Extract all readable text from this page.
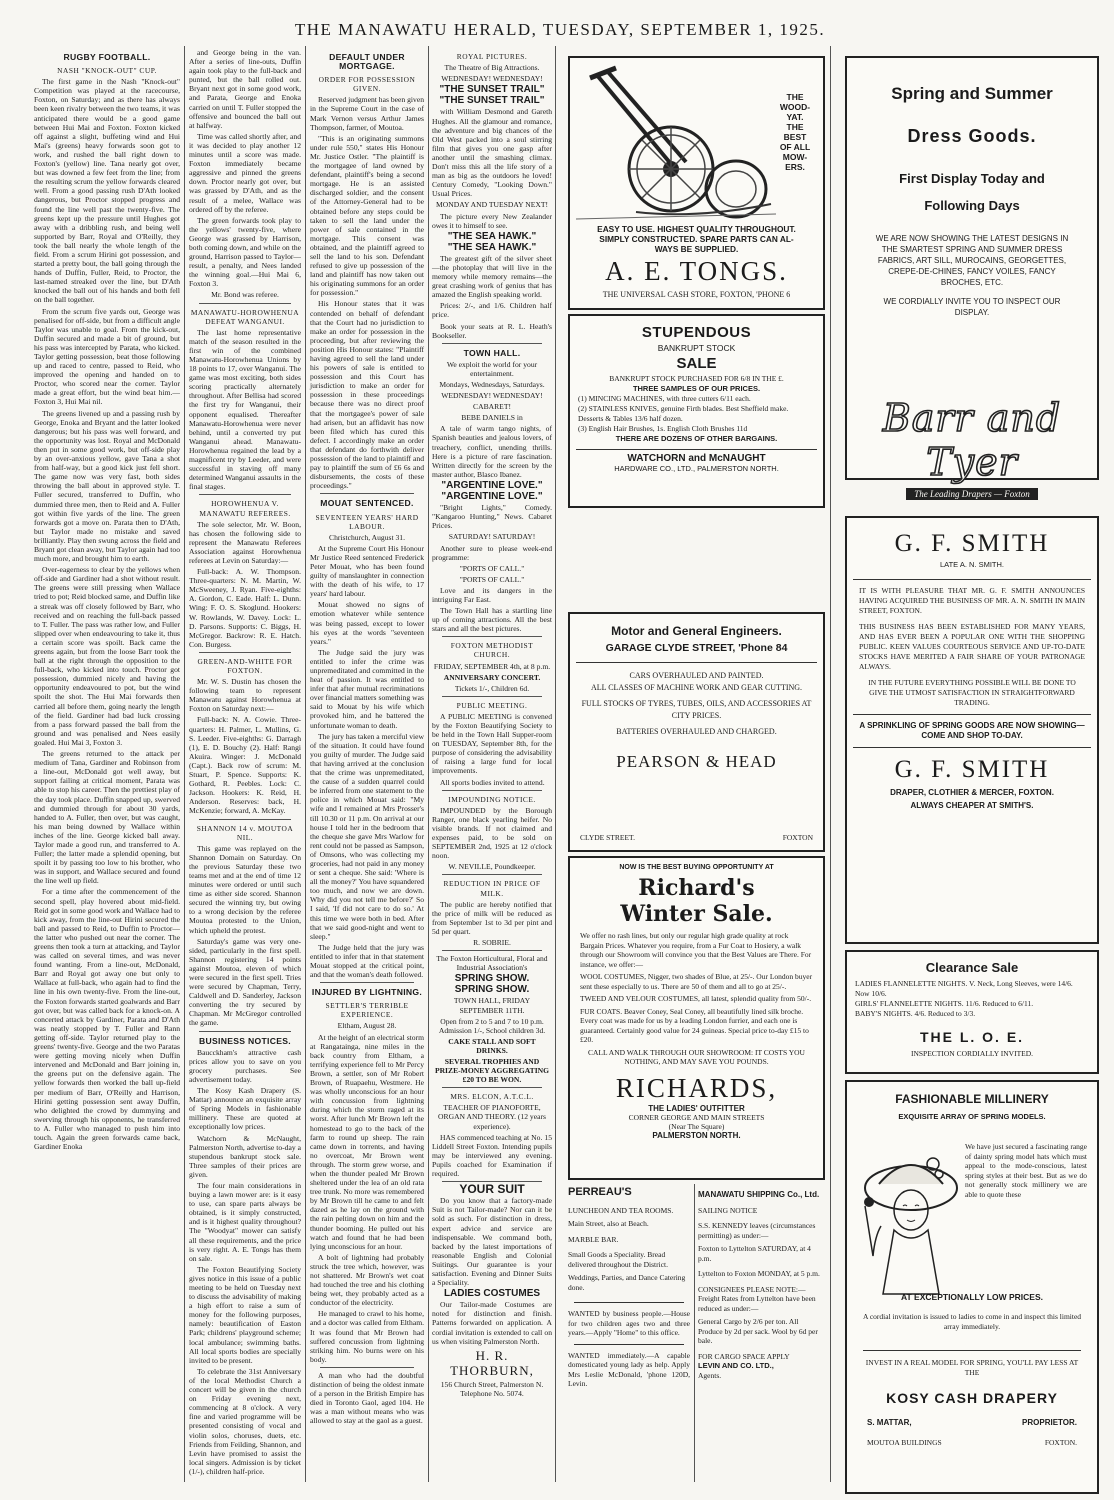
THE MANAWATU HERALD, TUESDAY, SEPTEMBER 1, 1925.
RUGBY FOOTBALL.
NASH "KNOCK-OUT" CUP.

The first game in the Nash "Knock-out" Competition was played at the racecourse, Foxton, on Saturday; and as there has always been keen rivalry between the two teams, it was anticipated there would be a good game between Hui Mai and Foxton. Foxton kicked off against a slight, buffeting wind and Hui Mai's (greens) heavy forwards soon got to work, and rushed the ball right down to Foxton's (yellow) line. Tana nearly got over, but was downed a few feet from the line; from the resulting scrum the yellow forwards cleared well. From a good passing rush D'Ath looked dangerous, but Proctor stopped progress and found the line well past the twenty-five. The greens kept up the pressure until Hughes got away with a dribbling rush, and being well supported by Barr, Royal and O'Reilly, they took the ball nearly the whole length of the field. From a scrum Hirini got possession, and started a pretty bout, the ball going through the hands of Duffin, Fuller, Reid, to Proctor, the last-named streaked over the line, but D'Ath knocked the ball out of his hands and both fell on the ball together.

From the scrum five yards out, George was penalised for off-side, but from a difficult angle Taylor was unable to goal. From the kick-out, Duffin secured and made a bit of ground, but his pass was intercepted by Parata, who kicked. Taylor getting possession, beat those following up and raced to centre, passed to Reid, who improved the opening and handed on to Proctor, who scored near the corner. Taylor made a great effort, but the wind beat him.—Foxton 3, Hui Mai nil.

The greens livened up and a passing rush by George, Enoka and Bryant and the latter looked dangerous; but his pass was well forward, and the opportunity was lost. Royal and McDonald then put in some good work, but off-side play by an over-anxious yellow, gave Tana a shot from half-way, but a good kick just fell short. The game now was very fast, both sides throwing the ball about in approved style. T. Fuller secured, transferred to Duffin, who dummied three men, then to Reid and A. Fuller got within five yards of the line. The green forwards got a move on. Parata then to D'Ath, but Taylor made no mistake and saved brilliantly. Play then swung across the field and Bryant got clean away, but Taylor again had too much more, and brought him to earth.

Over-eagerness to clear by the yellows when off-side and Gardiner had a shot without result. The greens were still pressing when Wallace tried to pot; Reid blocked same, and Duffin like a streak was off closely followed by Barr, who received and on reaching the full-back passed to T. Fuller. The pass was rather low, and Fuller slipped over when endeavouring to take it, thus a certain score was spoilt. Back came the greens again, but from the loose Barr took the ball at the right through the opposition to the full-back, who kicked into touch. Proctor got possession, dummied nicely and having the opportunity endeavoured to pot, but the wind spoilt the shot. The Hui Mai forwards then carried all before them, going nearly the length of the field. Gardiner had bad luck crossing from a pass forward passed the ball from the ground and was penalised and Nees easily goaled. Hui Mai 3, Foxton 3.

The greens returned to the attack per medium of Tana, Gardiner and Robinson from a line-out, McDonald got well away, but support failing at critical moment, Parata was able to stop his career. Then the prettiest play of the day took place. Duffin snapped up, swerved and dummied through for about 30 yards, handed to A. Fuller, then over, but was caught, his man being downed by Wallace within inches of the line. George kicked ball away. Taylor made a good run, and transferred to A. Fuller; the latter made a splendid opening, but spoilt it by passing too low to his brother, who was in support, and Wallace secured and found the line well up field.

For a time after the commencement of the second spell, play hovered about mid-field. Reid got in some good work and Wallace had to kick away, from the line-out Hirini secured the ball and passed to Reid, to Duffin to Proctor—the latter who pushed out near the corner. The greens then took a turn at attacking, and Taylor was called on several times, and was never found wanting. From a line-out, McDonald, Barr and Royal got away one but only to Wallace at full-back, who again had to find the line in his own twenty-five. From the line-out, the Foxton forwards started goalwards and Barr got over, but was called back for a knock-on. A concerted attack by Gardiner, Parata and D'Ath was neatly stopped by T. Fuller and Rann getting off-side. Taylor returned play to the greens' twenty-five. George and the two Paratas were getting moving nicely when Duffin intervened and McDonald and Barr joining in, the greens put on the defensive again. The yellow forwards then worked the ball up-field per medium of Barr, O'Reilly and Harrison, Hirini getting possession sent away Duffin, who delighted the crowd by dummying and swerving through his opponents, he transferred to A. Fuller who managed to push him into touch. Again the green forwards came back, Gardiner Enoka

and George being in the van. After a series of line-outs, Duffin again took play to the full-back and punted, but the ball rolled out. Bryant next got in some good work, and Parata, George and Enoka carried on until T. Fuller stopped the offensive and bounced the ball out at halfway.

Time was called shortly after, and it was decided to play another 12 minutes until a score was made. Foxton immediately became aggressive and pinned the greens down. Proctor nearly got over, but was grassed by D'Ath, and as the result of a melee, Wallace was ordered off by the referee.

The green forwards took play to the yellows' twenty-five, where George was grassed by Harrison, both coming down, and while on the ground, Harrison passed to Taylor—result, a penalty, and Nees landed the winning goal.—Hui Mai 6, Foxton 3.

Mr. Bond was referee.

MANAWATU-HOROWHENUA DEFEAT WANGANUI.

The last home representative match of the season resulted in the first win of the combined Manawatu-Horowhenua Unions by 18 points to 17, over Wanganui. The game was most exciting, both sides scoring practically alternately throughout. After Bellisa had scored the first try for Wanganui, their opponent equalised. Thereafter Manawatu-Horowhenua were never behind, until a converted try put Wanganui ahead. Manawatu-Horowhenua regained the lead by a magnificent try by Leeder, and were successful in staving off many determined Wanganui assaults in the final stages.

HOROWHENUA V. MANAWATU REFEREES.

The sole selector, Mr. W. Boon, has chosen the following side to represent the Manawatu Referees Association against Horowhenua referees at Levin on Saturday:—

Full-back: A. W. Thompson. Three-quarters: N. M. Martin, W. McSweeney, J. Ryan. Five-eighths: A. Gordon, C. Eade. Half: L. Dunn. Wing: F. O. S. Skoglund. Hookers: W. Rowlands, W. Davey. Lock: L. D. Parsons. Supports: C. Biggs, H. McGregor. Backrow: R. E. Hatch. Con. Burgess.

GREEN-AND-WHITE FOR FOXTON.

Mr. W. S. Dustin has chosen the following team to represent Manawatu against Horowhenua at Foxton on Saturday next:—

Full-back: N. A. Cowie. Three-quarters: H. Palmer, L. Mullins, G. S. Leeder. Five-eighths: G. Darragh (1), E. D. Bouchy (2). Half: Rangi Akuira. Winger: J. McDonald (Capt.). Back row of scrum: M. Stuart, P. Spence. Supports: K. Gothard, R. Peebles. Lock: C. Jackson. Hookers: K. Reid, H. Anderson. Reserves: back, H. McKenzie; forward, A. McKay.

SHANNON 14 v. MOUTOA NIL.

This game was replayed on the Shannon Domain on Saturday. On the previous Saturday these two teams met and at the end of time 12 minutes were ordered or until such time as either side scored. Shannon secured the winning try, but owing to a wrong decision by the referee Moutoa protested to the Union, which upheld the protest.

Saturday's game was very one-sided, particularly in the first spell. Shannon registering 14 points against Moutoa, eleven of which were secured in the first spell. Tries were secured by Chapman, Terry, Caldwell and D. Sanderley, Jackson converting the try secured by Chapman. Mr McGregor controlled the game.

BUSINESS NOTICES.

Baucckham's attractive cash prices allow you to save on you grocery purchases. See advertisement today.

The Kosy Kash Drapery (S. Mattar) announce an exquisite array of Spring Models in fashionable millinery. These are quoted at exceptionally low prices.

Watchorn & McNaught, Palmerston North, advertise to-day a stupendous bankrupt stock sale. Three samples of their prices are given.

The four main considerations in buying a lawn mower are: is it easy to use, can spare parts always be obtained, is it simply constructed, and is it highest quality throughout? The "Woodyat" mower can satisfy all these requirements, and the price is very right. A. E. Tongs has them on sale.

The Foxton Beautifying Society gives notice in this issue of a public meeting to be held on Tuesday next to discuss the advisability of making a high effort to raise a sum of money for the following purposes, namely: beautification of Easton Park; childrens' playground scheme; local ambulance; swimming baths. All local sports bodies are specially invited to be present.

To celebrate the 31st Anniversary of the local Methodist Church a concert will be given in the church on Friday evening next, commencing at 8 o'clock. A very fine and varied programme will be presented consisting of vocal and violin solos, choruses, duets, etc. Friends from Feilding, Shannon, and Levin have promised to assist the local singers. Admission is by ticket (1/-), children half-price.

DEFAULT UNDER MORTGAGE.
ORDER FOR POSSESSION GIVEN.

Reserved judgment has been given in the Supreme Court in the case of Mark Vernon versus Arthur James Thompson, farmer, of Moutoa.

"This is an originating summons under rule 550," states His Honour Mr. Justice Ostler. "The plaintiff is the mortgagee of land owned by defendant, plaintiff's being a second mortgage. He is an assisted discharged soldier, and the consent of the Attorney-General had to be obtained before any steps could be taken to sell the land under the power of sale contained in the mortgage. This consent was obtained, and the plaintiff agreed to sell the land to his son. Defendant refused to give up possession of the land and plaintiff has now taken out his originating summons for an order for possession."

His Honour states that it was contended on behalf of defendant that the Court had no jurisdiction to make an order for possession in the proceeding, but after reviewing the position His Honour states: "Plaintiff having agreed to sell the land under his powers of sale is entitled to possession and this Court has jurisdiction to make an order for possession in these proceedings because there was no direct proof that the mortgagee's power of sale had arisen, but an affidavit has now been filed which has cured this defect. I accordingly make an order that defendant do forthwith deliver possession of the land to plaintiff and pay to plaintiff the sum of £6 6s and disbursements, the costs of these proceedings."

MOUAT SENTENCED.
SEVENTEEN YEARS' HARD LABOUR.

Christchurch, August 31.

At the Supreme Court His Honour Mr Justice Reed sentenced Frederick Peter Mouat, who has been found guilty of manslaughter in connection with the death of his wife, to 17 years' hard labour.

Mouat showed no signs of emotion whatever while sentence was being passed, except to lower his eyes at the words "seventeen years."

The Judge said the jury was entitled to infer the crime was unpremeditated and committed in the heat of passion. It was entitled to infer that after mutual recriminations over financial matters something was said to Mouat by his wife which provoked him, and he battered the unfortunate woman to death.

The jury has taken a merciful view of the situation. It could have found you guilty of murder. The Judge said that having arrived at the conclusion that the crime was unpremeditated, the cause of a sudden quarrel could be inferred from one statement to the police in which Mouat said: "My wife and I remained at Mrs Prosser's till 10.30 or 11 p.m. On arrival at our house I told her in the bedroom that the cheque she gave Mrs Warlow for rent could not be passed as Sampson, of Omsons, who was collecting my groceries, had not paid in any money or sent a cheque. She said: 'Where is all the money?' You have squandered too much, and now we are down. Why did you not tell me before?' So I said, 'If did not care to do so.' At this time we were both in bed. After that we said good-night and went to sleep."

The Judge held that the jury was entitled to infer that in that statement Mouat stopped at the critical point, and that the woman's death followed.

INJURED BY LIGHTNING.
SETTLER'S TERRIBLE EXPERIENCE.

Eltham, August 28.

At the height of an electrical storm at Rangatainga, nine miles in the back country from Eltham, a terrifying experience fell to Mr Percy Brown, a settler, son of Mr Robert Brown, of Ruapaehu, Westmere. He was wholly unconscious for an hour with concussion from lightning during which the storm raged at its worst. After lunch Mr Brown left the homestead to go to the back of the farm to round up sheep. The rain came down in torrents, and having no overcoat, Mr Brown went through. The storm grew worse, and when the thunder pealed Mr Brown sheltered under the lea of an old rata tree trunk. No more was remembered by Mr Brown till he came to and felt dazed as he lay on the ground with the rain pelting down on him and the thunder booming. He pulled out his watch and found that he had been lying unconscious for an hour.

A bolt of lightning had probably struck the tree which, however, was not shattered. Mr Brown's wet coat had touched the tree and his clothing being wet, they probably acted as a conductor of the electricity.

He managed to crawl to his home, and a doctor was called from Eltham. It was found that Mr Brown had suffered concussion from lightning striking him. No burns were on his body.

A man who had the doubtful distinction of being the oldest inmate of a person in the British Empire has died in Toronto Gaol, aged 104. He was a man without means who was allowed to stay at the gaol as a guest.

ROYAL PICTURES.

The Theatre of Big Attractions.

WEDNESDAY! WEDNESDAY!

"THE SUNSET TRAIL"

"THE SUNSET TRAIL"

with William Desmond and Gareth Hughes. All the glamour and romance, the adventure and big chances of the Old West packed into a soul stirring film that gives you one gasp after another until the smashing climax. Don't miss this all the life story of a man as big as the outdoors he loved! Century Comedy, "Looking Down." Usual Prices.

MONDAY AND TUESDAY NEXT!

The picture every New Zealander owes it to himself to see.

"THE SEA HAWK."

"THE SEA HAWK."

The greatest gift of the silver sheet—the photoplay that will live in the memory while memory remains—the great crashing work of genius that has amazed the English speaking world.

Prices: 2/-, and 1/6. Children half price.

Book your seats at R. L. Heath's Bookseller.

TOWN HALL.

We exploit the world for your entertainment.

Mondays, Wednesdays, Saturdays.

WEDNESDAY! WEDNESDAY!

CABARET!

BEBE DANIELS in

A tale of warm tango nights, of Spanish beauties and jealous lovers, of treachery, conflict, unending thrills. Here is a picture of rare fascination. Written directly for the screen by the master author, Blasco Ibanez.

"ARGENTINE LOVE."

"ARGENTINE LOVE."

"Bright Lights," Comedy. "Kangaroo Hunting," News. Cabaret Prices.

SATURDAY! SATURDAY!

Another sure to please week-end programme:

"PORTS OF CALL."

"PORTS OF CALL."

Love and its dangers in the intriguing Far East.

The Town Hall has a startling line up of coming attractions. All the best stars and all the best pictures.

FOXTON METHODIST CHURCH.

FRIDAY, SEPTEMBER 4th, at 8 p.m.

ANNIVERSARY CONCERT.

Tickets 1/-, Children 6d.

PUBLIC MEETING.

A PUBLIC MEETING is convened by the Foxton Beautifying Society to be held in the Town Hall Supper-room on TUESDAY, September 8th, for the purpose of considering the advisability of raising a large fund for local improvements.

All sports bodies invited to attend.

IMPOUNDING NOTICE.

IMPOUNDED by the Borough Ranger, one black yearling heifer. No visible brands. If not claimed and expenses paid, to be sold on SEPTEMBER 2nd, 1925 at 12 o'clock noon.

W. NEVILLE, Poundkeeper.

REDUCTION IN PRICE OF MILK.

The public are hereby notified that the price of milk will be reduced as from September 1st to 3d per pint and 5d per quart.

R. SOBRIE.

The Foxton Horticultural, Floral and Industrial Association's

SPRING SHOW.

SPRING SHOW.

TOWN HALL, FRIDAY SEPTEMBER 11TH.

Open from 2 to 5 and 7 to 10 p.m. Admission 1/-, School children 3d.

CAKE STALL AND SOFT DRINKS.

SEVERAL TROPHIES AND PRIZE-MONEY AGGREGATING £20 TO BE WON.

MRS. ELCON, A.T.C.L.

TEACHER OF PIANOFORTE, ORGAN AND THEORY. (12 years experience).

HAS commenced teaching at No. 15 Liddell Street Foxton. Intending pupils may be interviewed any evening. Pupils coached for Examination if required.

YOUR SUIT

Do you know that a factory-made Suit is not Tailor-made? Nor can it be sold as such. For distinction in dress, expert advice and service are indispensable. We command both, backed by the latest importations of reasonable English and Colonial Suitings. Our guarantee is your satisfaction. Evening and Dinner Suits a Speciality.

LADIES COSTUMES

Our Tailor-made Costumes are noted for distinction and finish. Patterns forwarded on application. A cordial invitation is extended to call on us when visiting Palmerston North.

H. R. THORBURN,

156 Church Street, Palmerston N. Telephone No. 5074.

THE
WOOD-
YAT.
THE
BEST
OF ALL
MOW-
ERS.
EASY TO USE. HIGHEST QUALITY THROUGHOUT.
SIMPLY CONSTRUCTED. SPARE PARTS CAN AL-
WAYS BE SUPPLIED.
A. E. TONGS.
THE UNIVERSAL CASH STORE, FOXTON, 'PHONE 6
STUPENDOUS
BANKRUPT STOCK
SALE
BANKRUPT STOCK PURCHASED FOR 6/8 IN THE £.
THREE SAMPLES OF OUR PRICES.
(1) MINCING MACHINES, with three cutters 6/11 each.
(2) STAINLESS KNIVES, genuine Firth blades. Best Sheffield make. Desserts & Tables 13/6 half dozen.
(3) English Hair Brushes, 1s. English Cloth Brushes 11d
THERE ARE DOZENS OF OTHER BARGAINS.
WATCHORN and McNAUGHT
HARDWARE CO., LTD., PALMERSTON NORTH.
Motor and General Engineers.
GARAGE CLYDE STREET, 'Phone 84
CARS OVERHAULED AND PAINTED.
ALL CLASSES OF MACHINE WORK AND GEAR CUTTING.
FULL STOCKS OF TYRES, TUBES, OILS, AND ACCESSORIES AT CITY PRICES.
BATTERIES OVERHAULED AND CHARGED.
PEARSON & HEAD
CLYDE STREET.	FOXTON
NOW IS THE BEST BUYING OPPORTUNITY AT
Richard's
Winter Sale.

We offer no rash lines, but only our regular high grade quality at rock Bargain Prices. Whatever you require, from a Fur Coat to Hosiery, a walk through our Showroom will convince you that the Best Values are There. For instance, we offer:—

WOOL COSTUMES, Nigger, two shades of Blue, at 25/-. Our London buyer sent these especially to us. There are 50 of them and all to go at 25/-.

TWEED AND VELOUR COSTUMES, all latest, splendid quality from 50/-.

FUR COATS. Beaver Coney, Seal Coney, all beautifully lined silk broche. Every coat was made for us by a leading London furrier, and each one is guaranteed. Certainly good value for 24 guineas. Special price to-day £15 to £20.

CALL AND WALK THROUGH OUR SHOWROOM: IT COSTS YOU NOTHING, AND MAY SAVE YOU POUNDS.

RICHARDS,
THE LADIES' OUTFITTER
CORNER GEORGE AND MAIN STREETS
(Near The Square)
PALMERSTON NORTH.
PERREAU'S
LUNCHEON AND TEA ROOMS.
Main Street, also at Beach.
MARBLE BAR.
Small Goods a Speciality. Bread delivered throughout the District.
Weddings, Parties, and Dance Catering done.

WANTED by business people.—House for two children ages two and three years.—Apply "Home" to this office.

WANTED immediately.—A capable domesticated young lady as help. Apply Mrs Leslie McDonald, 'phone 120D, Levin.

MANAWATU SHIPPING Co., Ltd.
SAILING NOTICE

S.S. KENNEDY leaves (circumstances permitting) as under:—

Foxton to Lyttelton SATURDAY, at 4 p.m.

Lyttelton to Foxton MONDAY, at 5 p.m.

CONSIGNEES PLEASE NOTE:— Freight Rates from Lyttelton have been reduced as under:—

General Cargo by 2/6 per ton. All Produce by 2d per sack. Wool by 6d per bale.

FOR CARGO SPACE APPLY
LEVIN AND CO. LTD.,
Agents.
Spring and Summer
Dress Goods.
First Display Today and
Following Days
WE ARE NOW SHOWING THE LATEST DESIGNS IN THE SMARTEST SPRING AND SUMMER DRESS FABRICS, ART SILL, MUROCAINS, GEORGETTES, CREPE-DE-CHINES, FANCY VOILES, FANCY BROCHES, ETC.
WE CORDIALLY INVITE YOU TO INSPECT OUR DISPLAY.
Barr and Tyer
The Leading Drapers — Foxton
G. F. SMITH
LATE A. N. SMITH.

IT IS WITH PLEASURE THAT MR. G. F. SMITH ANNOUNCES HAVING ACQUIRED THE BUSINESS OF MR. A. N. SMITH IN MAIN STREET, FOXTON.

THIS BUSINESS HAS BEEN ESTABLISHED FOR MANY YEARS, AND HAS EVER BEEN A POPULAR ONE WITH THE SHOPPING PUBLIC. KEEN VALUES COURTEOUS SERVICE AND UP-TO-DATE STOCKS HAVE MERITED A FAIR SHARE OF YOUR PATRONAGE ALWAYS.

IN THE FUTURE EVERYTHING POSSIBLE WILL BE DONE TO GIVE THE UTMOST SATISFACTION IN STRAIGHTFORWARD TRADING.

A SPRINKLING OF SPRING GOODS ARE NOW SHOWING—COME AND SHOP TO-DAY.

G. F. SMITH
DRAPER, CLOTHIER & MERCER, FOXTON.
ALWAYS CHEAPER AT SMITH'S.
Clearance Sale
LADIES FLANNELETTE NIGHTS. V. Neck, Long Sleeves, were 14/6. Now 10/6.
GIRLS' FLANNELETTE NIGHTS. 11/6. Reduced to 6/11.
BABY'S NIGHTS. 4/6. Reduced to 3/3.
THE L. O. E.
INSPECTION CORDIALLY INVITED.
FASHIONABLE MILLINERY
EXQUISITE ARRAY OF SPRING MODELS.

We have just secured a fascinating range of dainty spring model hats which must appeal to the mode-conscious, latest spring styles at their best. But as we do not generally stock millinery we are able to quote these

AT EXCEPTIONALLY LOW PRICES.

A cordial invitation is issued to ladies to come in and inspect this limited array immediately.

INVEST IN A REAL MODEL FOR SPRING, YOU'LL PAY LESS AT THE

KOSY CASH DRAPERY
S. MATTAR,	PROPRIETOR.
MOUTOA BUILDINGS	FOXTON.
